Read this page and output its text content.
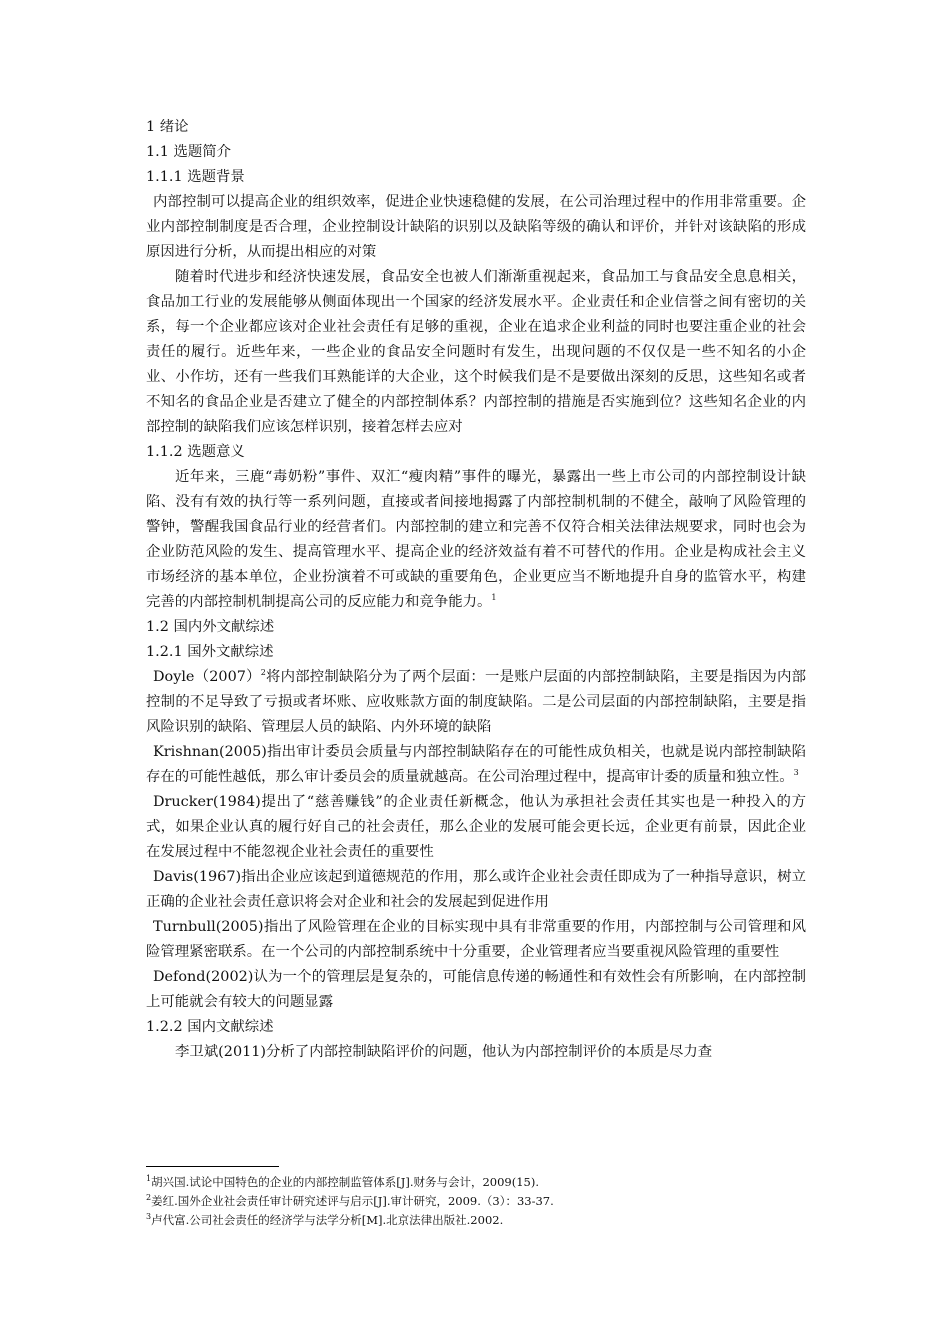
1 绪论

1.1 选题简介

1.1.1 选题背景

内部控制可以提高企业的组织效率，促进企业快速稳健的发展，在公司治理过程中的作用非常重要。企业内部控制制度是否合理，企业控制设计缺陷的识别以及缺陷等级的确认和评价，并针对该缺陷的形成原因进行分析，从而提出相应的对策

随着时代进步和经济快速发展，食品安全也被人们渐渐重视起来，食品加工与食品安全息息相关，食品加工行业的发展能够从侧面体现出一个国家的经济发展水平。企业责任和企业信誉之间有密切的关系，每一个企业都应该对企业社会责任有足够的重视，企业在追求企业利益的同时也要注重企业的社会责任的履行。近些年来，一些企业的食品安全问题时有发生，出现问题的不仅仅是一些不知名的小企业、小作坊，还有一些我们耳熟能详的大企业，这个时候我们是不是要做出深刻的反思，这些知名或者不知名的食品企业是否建立了健全的内部控制体系？内部控制的措施是否实施到位？这些知名企业的内部控制的缺陷我们应该怎样识别，接着怎样去应对

1.1.2 选题意义

近年来，三鹿“毒奶粉”事件、双汇“瘦肉精”事件的曝光，暴露出一些上市公司的内部控制设计缺陷、没有有效的执行等一系列问题，直接或者间接地揭露了内部控制机制的不健全，敲响了风险管理的警钟，警醒我国食品行业的经营者们。内部控制的建立和完善不仅符合相关法律法规要求，同时也会为企业防范风险的发生、提高管理水平、提高企业的经济效益有着不可替代的作用。企业是构成社会主义市场经济的基本单位，企业扮演着不可或缺的重要角色，企业更应当不断地提升自身的监管水平，构建完善的内部控制机制提高公司的反应能力和竞争能力。$^1$

1.2 国内外文献综述

1.2.1 国外文献综述

$Doyle(2007)^2$将内部控制缺陷分为了两个层面：一是账户层面的内部控制缺陷，主要是指因为内部控制的不足导致了亏损或者坏账、应收账款方面的制度缺陷。二是公司层面的内部控制缺陷，主要是指风险识别的缺陷、管理层人员的缺陷、内外环境的缺陷

Krishnan(2005)指出审计委员会质量与内部控制缺陷存在的可能性成负相关，也就是说内部控制缺陷存在的可能性越低，那么审计委员会的质量就越高。在公司治理过程中，提高审计委的质量和独立性。$^3$

Drucker(1984)提出了“慈善赚钱”的企业责任新概念，他认为承担社会责任其实也是一种投入的方式，如果企业认真的履行好自己的社会责任，那么企业的发展可能会更长远，企业更有前景，因此企业在发展过程中不能忽视企业社会责任的重要性

Davis(1967)指出企业应该起到道德规范的作用，那么或许企业社会责任即成为了一种指导意识，树立正确的企业社会责任意识将会对企业和社会的发展起到促进作用

Turnbull(2005)指出了风险管理在企业的目标实现中具有非常重要的作用，内部控制与公司管理和风险管理紧密联系。在一个公司的内部控制系统中十分重要，企业管理者应当要重视风险管理的重要性

Defond(2002)认为一个的管理层是复杂的，可能信息传递的畅通性和有效性会有所影响，在内部控制上可能就会有较大的问题显露

1.2.2 国内文献综述

李卫斌(2011)分析了内部控制缺陷评价的问题，他认为内部控制评价的本质是尽力查

$^1$胡兴国.试论中国特色的企业的内部控制监管体系[J].财务与会计，2009(15).

$^2$姜红.国外企业社会责任审计研究述评与启示[J].审计研究，2009.（3）：33-37.

$^3$卢代富.公司社会责任的经济学与法学分析[M].北京法律出版社.2002.
